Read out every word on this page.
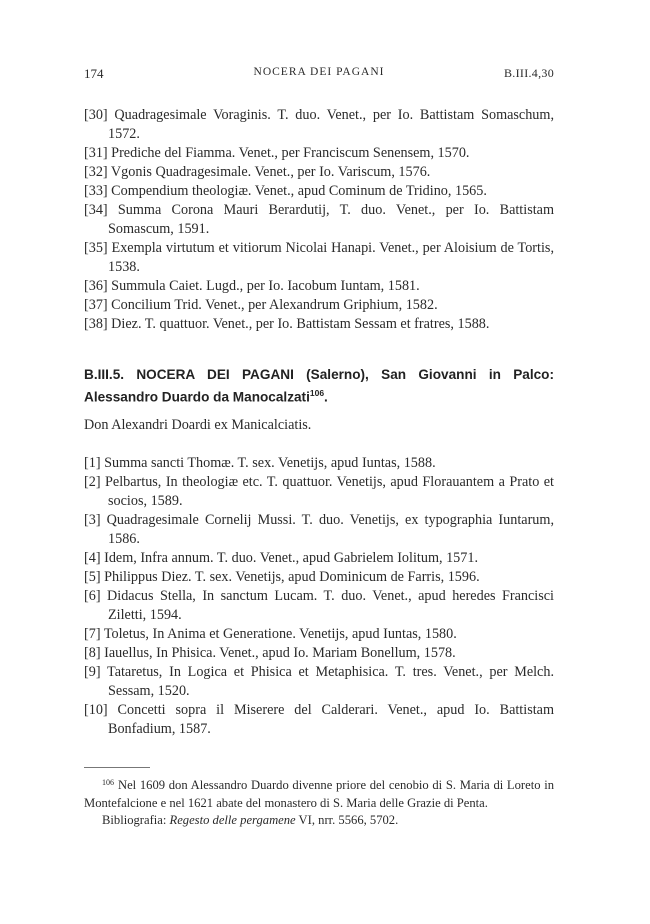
174	NOCERA DEI PAGANI	B.III.4,30

[30] Quadragesimale Voraginis. T. duo. Venet., per Io. Battistam Somaschum, 1572.

[31] Prediche del Fiamma. Venet., per Franciscum Senensem, 1570.

[32] Vgonis Quadragesimale. Venet., per Io. Variscum, 1576.

[33] Compendium theologiæ. Venet., apud Cominum de Tridino, 1565.

[34] Summa Corona Mauri Berardutij, T. duo. Venet., per Io. Battistam Somascum, 1591.

[35] Exempla virtutum et vitiorum Nicolai Hanapi. Venet., per Aloisium de Tortis, 1538.

[36] Summula Caiet. Lugd., per Io. Iacobum Iuntam, 1581.

[37] Concilium Trid. Venet., per Alexandrum Griphium, 1582.

[38] Diez. T. quattuor. Venet., per Io. Battistam Sessam et fratres, 1588.

B.III.5. NOCERA DEI PAGANI (Salerno), San Giovanni in Palco: Alessandro Duardo da Manocalzati$^{106}$.

Don Alexandri Doardi ex Manicalciatis.

[1] Summa sancti Thomæ. T. sex. Venetijs, apud Iuntas, 1588.

[2] Pelbartus, In theologiæ etc. T. quattuor. Venetijs, apud Florauantem a Prato et socios, 1589.

[3] Quadragesimale Cornelij Mussi. T. duo. Venetijs, ex typographia Iuntarum, 1586.

[4] Idem, Infra annum. T. duo. Venet., apud Gabrielem Iolitum, 1571.

[5] Philippus Diez. T. sex. Venetijs, apud Dominicum de Farris, 1596.

[6] Didacus Stella, In sanctum Lucam. T. duo. Venet., apud heredes Francisci Ziletti, 1594.

[7] Toletus, In Anima et Generatione. Venetijs, apud Iuntas, 1580.

[8] Iauellus, In Phisica. Venet., apud Io. Mariam Bonellum, 1578.

[9] Tataretus, In Logica et Phisica et Metaphisica. T. tres. Venet., per Melch. Sessam, 1520.

[10] Concetti sopra il Miserere del Calderari. Venet., apud Io. Battistam Bonfadium, 1587.

$^{106}$ Nel 1609 don Alessandro Duardo divenne priore del cenobio di S. Maria di Loreto in Montefalcione e nel 1621 abate del monastero di S. Maria delle Grazie di Penta.

Bibliografia: Regesto delle pergamene VI, nrr. 5566, 5702.
